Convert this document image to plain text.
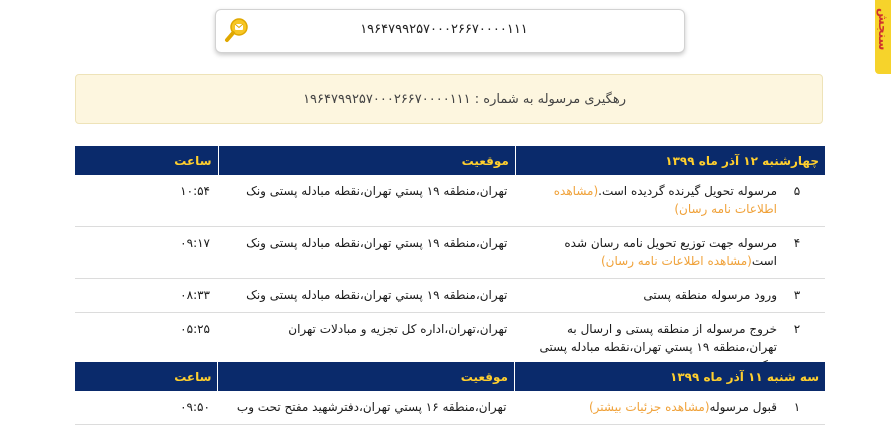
۱۹۶۴۷۹۹۲۵۷۰۰۰۲۶۶۷۰۰۰۰۱۱۱	سنجش
رهگیری مرسوله به شماره : ۱۹۶۴۷۹۹۲۵۷۰۰۰۲۶۶۷۰۰۰۰۱۱۱
چهارشنبه ۱۲ آذر ماه ۱۳۹۹	موقعیت	ساعت

۵
مرسوله تحویل گیرنده گردیده است.(مشاهده اطلاعات نامه رسان)	تهران،منطقه ۱۹ پستي تهران،نقطه مبادله پستی ونک	۱۰:۵۴

۴
مرسوله جهت توزیع تحویل نامه رسان شده است(مشاهده اطلاعات نامه رسان)	تهران،منطقه ۱۹ پستي تهران،نقطه مبادله پستی ونک	۰۹:۱۷

۳
ورود مرسوله منطقه پستی	تهران،منطقه ۱۹ پستي تهران،نقطه مبادله پستی ونک	۰۸:۳۳

۲
خروج مرسوله از منطقه پستی و ارسال به تهران،منطقه ۱۹ پستي تهران،نقطه مبادله پستی	تهران،تهران،اداره کل تجزیه و مبادلات تهران	۰۵:۲۵
سه شنبه ۱۱ آذر ماه ۱۳۹۹	موقعیت	ساعت

۱
قبول مرسوله(مشاهده جزئیات بیشتر)	تهران،منطقه ۱۶ پستي تهران،دفترشهید مفتح تحت وب	۰۹:۵۰
